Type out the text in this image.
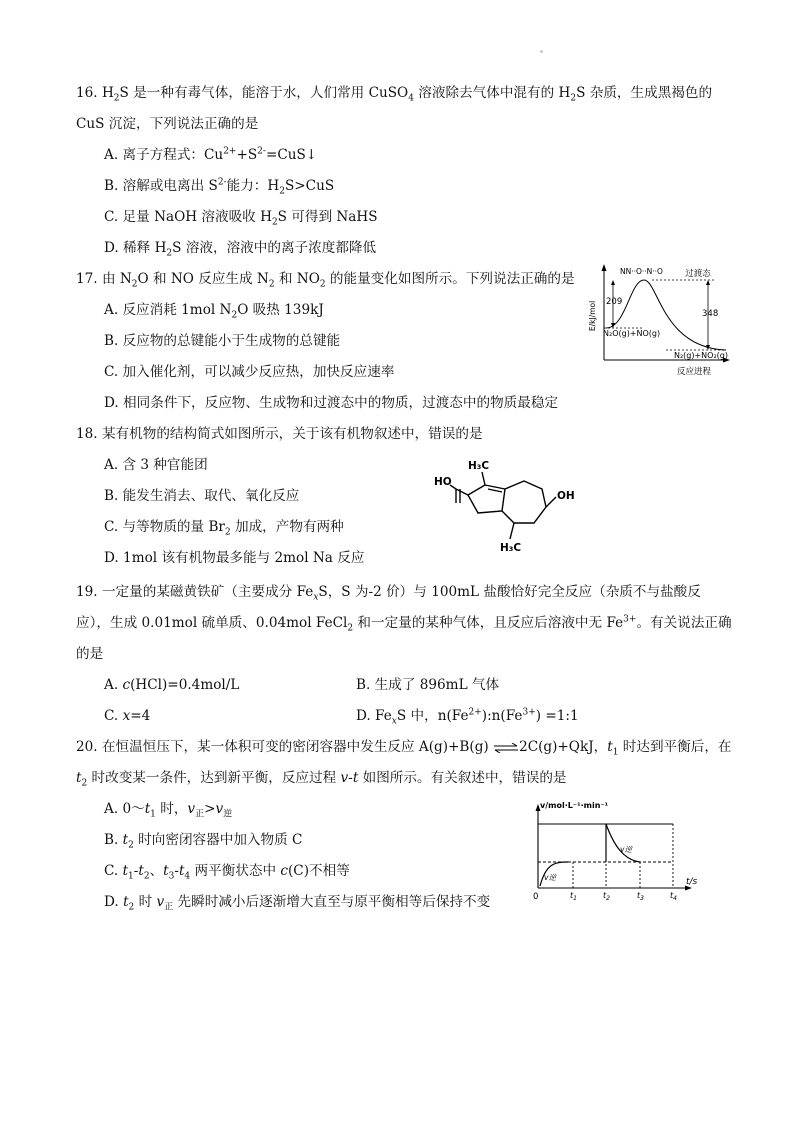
16. $H_2S$ 是一种有毒气体，能溶于水，人们常用 CuSO$_4$ 溶液除去气体中混有的 $H_2S$ 杂质，生成黑褐色的
CuS 沉淀，下列说法正确的是
A. 离子方程式：$Cu^{2+}+S^{2-}=CuS↓$
B. 溶解或电离出 $S^{2-}$能力：$H_2S>CuS$
C. 足量 NaOH 溶液吸收 $H_2S$ 可得到 NaHS
D. 稀释 $H_2S$ 溶液，溶液中的离子浓度都降低
17. 由 $N_2O$ 和 NO 反应生成 $N_2$ 和 $NO_2$ 的能量变化如图所示。下列说法正确的是
A. 反应消耗 1mol $N_2O$ 吸热 139kJ
B. 反应物的总键能小于生成物的总键能
C. 加入催化剂，可以减少反应热，加快反应速率
D. 相同条件下，反应物、生成物和过渡态中的物质，过渡态中的物质最稳定
E/kJ/mol
反应进程
过渡态
NN··O··N··O
209
348
N₂O(g)+NO(g)
N₂(g)+NO₂(g)
18. 某有机物的结构简式如图所示，关于该有机物叙述中，错误的是
A. 含 3 种官能团
B. 能发生消去、取代、氧化反应
C. 与等物质的量 $Br_2$ 加成，产物有两种
D. 1mol 该有机物最多能与 2mol Na 反应
H₃C
HO
OH
H₃C
19. 一定量的某磁黄铁矿（主要成分 $Fe_xS$，S 为-2 价）与 100mL 盐酸恰好完全反应（杂质不与盐酸反
应），生成 0.01mol 硫单质、0.04mol FeCl$_2$ 和一定量的某种气体，且反应后溶液中无 $Fe^{3+}$。有关说法正确
的是
A. c(HCl)=0.4mol/L	B. 生成了 896mL 气体
C. x=4	D. $Fe_xS$ 中，$n(Fe^{2+}):n(Fe^{3+})$ =1:1
20. 在恒温恒压下，某一体积可变的密闭容器中发生反应 A(g)+B(g) ⇌2C(g)+QkJ，$t_1$ 时达到平衡后，在
$t_2$ 时改变某一条件，达到新平衡，反应过程 v-t 如图所示。有关叙述中，错误的是
A. $0\sim t_1$ 时，$v_正>v_逆$
B. $t_2$ 时向密闭容器中加入物质 C
C. $t_1-t_2$、$t_3-t_4$ 两平衡状态中 c(C)不相等
D. $t_2$ 时 $v_正$ 先瞬时减小后逐渐增大直至与原平衡相等后保持不变
v/mol·L⁻¹·min⁻¹
t/s
0
v逆
v逆
$t_1$	$t_2$	$t_3$	$t_4$
